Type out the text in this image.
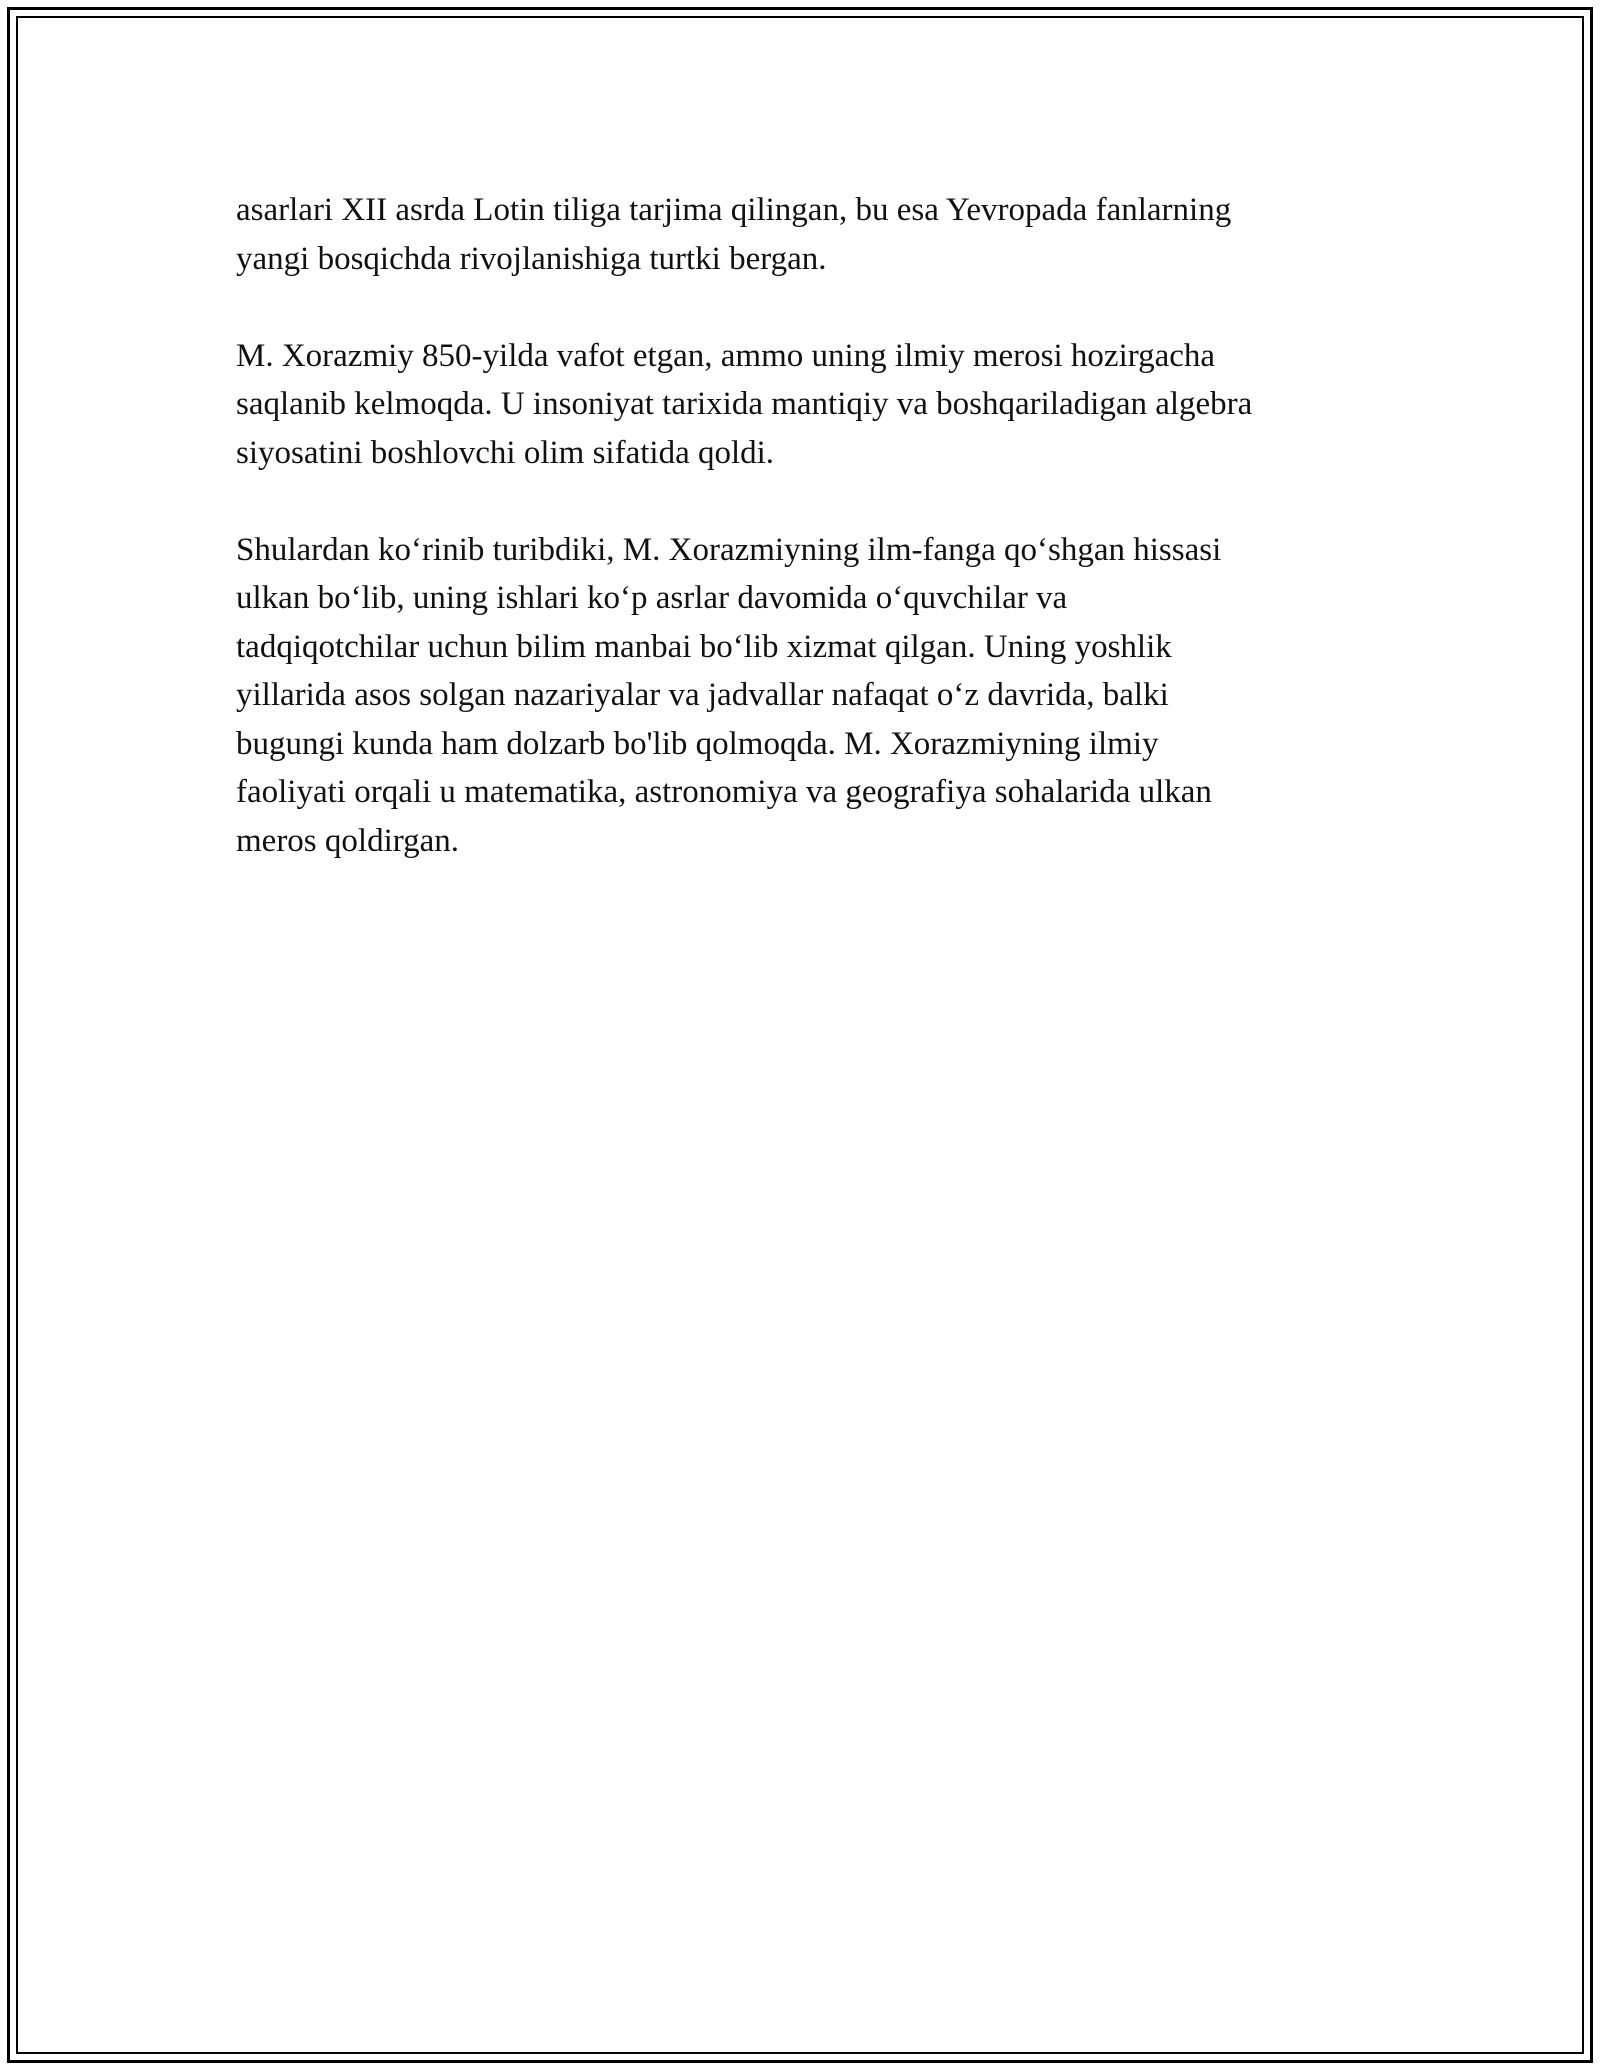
asarlari XII asrda Lotin tiliga tarjima qilingan, bu esa Yevropada fanlarning
yangi bosqichda rivojlanishiga turtki bergan.

M. Xorazmiy 850-yilda vafot etgan, ammo uning ilmiy merosi hozirgacha
saqlanib kelmoqda. U insoniyat tarixida mantiqiy va boshqariladigan algebra
siyosatini boshlovchi olim sifatida qoldi.

Shulardan ko‘rinib turibdiki, M. Xorazmiyning ilm-fanga qo‘shgan hissasi
ulkan bo‘lib, uning ishlari ko‘p asrlar davomida o‘quvchilar va
tadqiqotchilar uchun bilim manbai bo‘lib xizmat qilgan. Uning yoshlik
yillarida asos solgan nazariyalar va jadvallar nafaqat o‘z davrida, balki
bugungi kunda ham dolzarb bo'lib qolmoqda. M. Xorazmiyning ilmiy
faoliyati orqali u matematika, astronomiya va geografiya sohalarida ulkan
meros qoldirgan.
